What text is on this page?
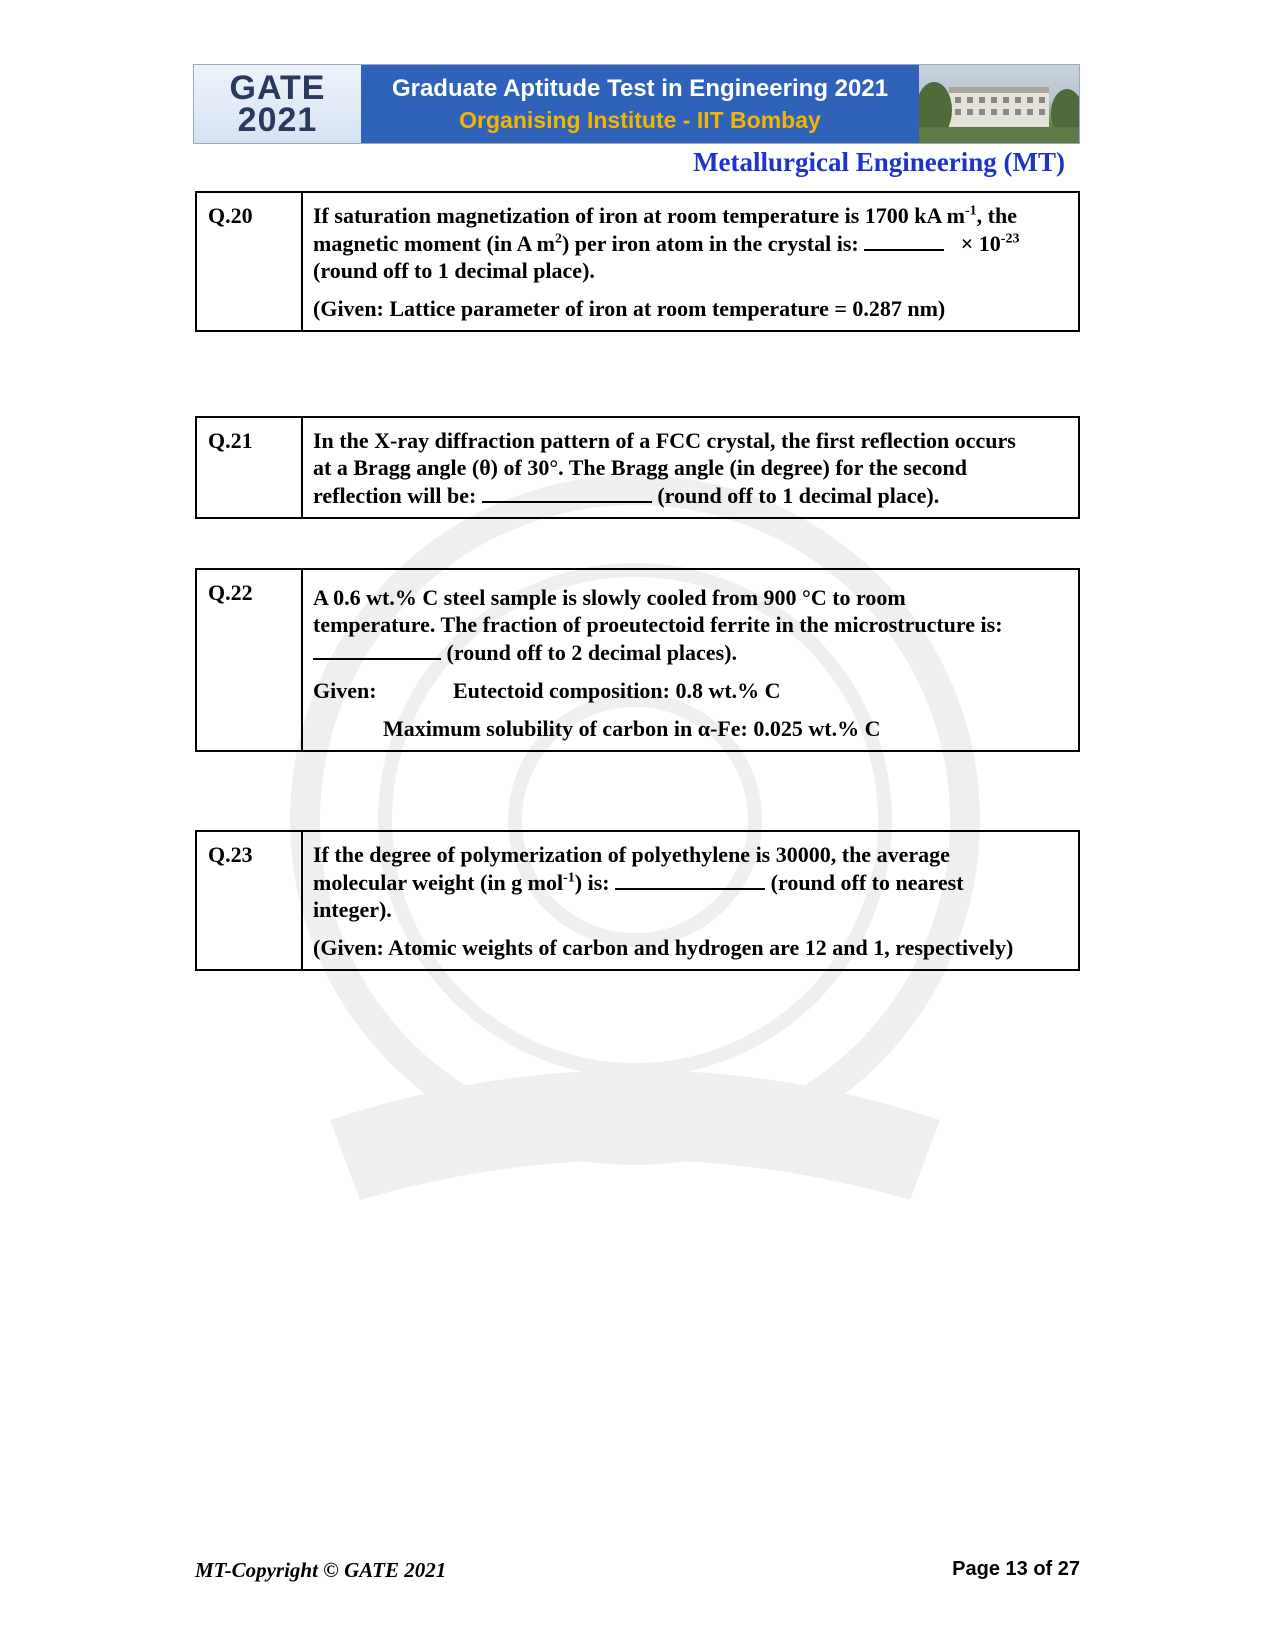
GATE
2021
Graduate Aptitude Test in Engineering 2021
Organising Institute - IIT Bombay
Metallurgical Engineering (MT)
Q.20	If saturation magnetization of iron at room temperature is 1700 kA $m^{-1}$, the

magnetic moment (in A $m^2$) per iron atom in the crystal is:	× $10^{-23}$

(round off to 1 decimal place).

(Given: Lattice parameter of iron at room temperature = 0.287 nm)

Q.21	In the X-ray diffraction pattern of a FCC crystal, the first reflection occurs

at a Bragg angle (θ) of 30°. The Bragg angle (in degree) for the second

reflection will be:	(round off to 1 decimal place).

Q.22	A 0.6 wt.% C steel sample is slowly cooled from 900 °C to room

temperature. The fraction of proeutectoid ferrite in the microstructure is:

(round off to 2 decimal places).

Given:	Eutectoid composition: 0.8 wt.% C

Maximum solubility of carbon in α-Fe: 0.025 wt.% C

Q.23	If the degree of polymerization of polyethylene is 30000, the average

molecular weight (in g mol$^{-1}$) is:	(round off to nearest

integer).

(Given: Atomic weights of carbon and hydrogen are 12 and 1, respectively)

MT-Copyright © GATE 2021	Page 13 of 27
